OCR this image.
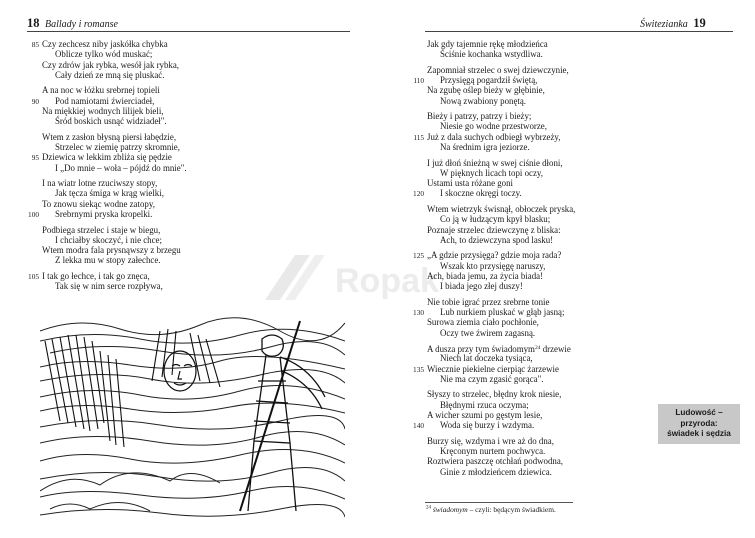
18 Ballady i romanse
85 Czy zechcesz niby jaskółka chybka
Oblicze tylko wód muskać;
Czy zdrów jak rybka, wesół jak rybka,
Cały dzień ze mną się pluskać.
A na noc w łóżku srebrnej topieli
90 Pod namiotami źwierciadeł,
Na miękkiej wodnych lilijek bieli,
Śród boskich usnąć widziadeł".
Wtem z zasłon błysną piersi łabędzie,
Strzelec w ziemię patrzy skromnie,
95 Dziewica w lekkim zbliża się pędzie
I „Do mnie – woła – pójdź do mnie".
I na wiatr lotne rzuciwszy stopy,
Jak tęcza śmiga w krąg wielki,
To znowu siekąc wodne zatopy,
100 Srebrnymi pryska kropelki.
Podbiega strzelec i staje w biegu,
I chciałby skoczyć, i nie chce;
Wtem modra fala prysnąwszy z brzegu
Z lekka mu w stopy załechce.
105 I tak go łechce, i tak go znęca,
Tak się w nim serce rozpływa,	Ropak
Świtezianka 19
Jak gdy tajemnie rękę młodzieńca
Ściśnie kochanka wstydliwa.
Zapomniał strzelec o swej dziewczynie,
110 Przysięgą pogardził świętą,
Na zgubę oślep bieży w głębinie,
Nową zwabiony ponętą.
Bieży i patrzy, patrzy i bieży;
Niesie go wodne przestworze,
115 Już z dala suchych odbiegł wybrzeży,
Na średnim igra jeziorze.
I już dłoń śnieżną w swej ciśnie dłoni,
W pięknych licach topi oczy,
Ustami usta różane goni
120 I skoczne okręgi toczy.
Wtem wietrzyk świsnął, obłoczek pryska,
Co ją w łudzącym kрył blasku;
Poznaje strzelec dziewczynę z bliska:
Ach, to dziewczyna spod lasku!
125 „A gdzie przysięga? gdzie moja rada?
Wszak kto przysięgę naruszy,
Ach, biada jemu, za życia biada!
I biada jego złej duszy!
Nie tobie igrać przez srebrne tonie
130 Lub nurkiem pluskać w głąb jasną;
Surowa ziemia ciało pochłonie,
Oczy twe źwirem zagasną.
A dusza przy tym świadomym$^{24}$ drzewie
Niech lat doczeka tysiąca,
135 Wiecznie piekielne cierpiąc żarzewie
Nie ma czym zgasić gorąca".
Słyszy to strzelec, błędny krok niesie,
Błędnymi rzuca oczyma;
A wicher szumi po gęstym lesie,
140 Woda się burzy i wzdyma.
Burzy się, wzdyma i wre aż do dna,
Kręconym nurtem pochwyca.
Roztwiera paszczę otchłań podwodna,
Ginie z młodzieńcem dziewica.
$^{24}$ świadomym – czyli: będącym świadkiem.
Ludowość –
przyroda:
świadek i sędzia
